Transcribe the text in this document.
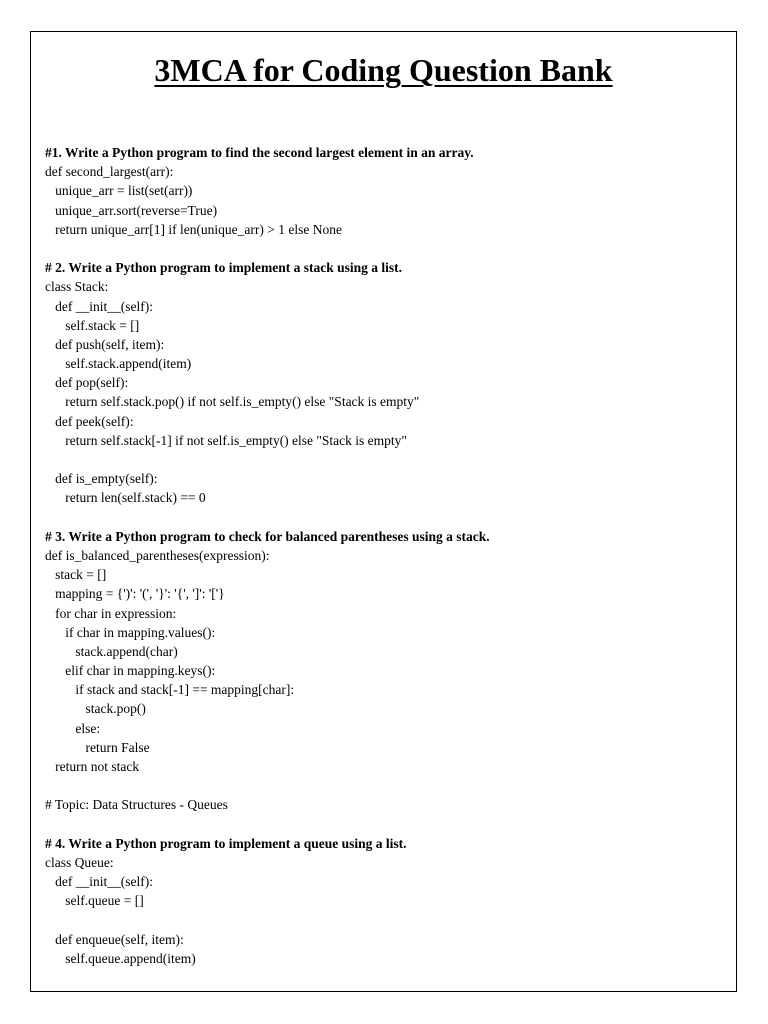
3MCA for Coding Question Bank
#1. Write a Python program to find the second largest element in an array.
def second_largest(arr):
unique_arr = list(set(arr))
unique_arr.sort(reverse=True)
return unique_arr[1] if len(unique_arr) > 1 else None
# 2. Write a Python program to implement a stack using a list.
class Stack:
def __init__(self):
self.stack = []
def push(self, item):
self.stack.append(item)
def pop(self):
return self.stack.pop() if not self.is_empty() else "Stack is empty"
def peek(self):
return self.stack[-1] if not self.is_empty() else "Stack is empty"
def is_empty(self):
return len(self.stack) == 0
# 3. Write a Python program to check for balanced parentheses using a stack.
def is_balanced_parentheses(expression):
stack = []
mapping = {')': '(', '}': '{', ']': '['}
for char in expression:
if char in mapping.values():
stack.append(char)
elif char in mapping.keys():
if stack and stack[-1] == mapping[char]:
stack.pop()
else:
return False
return not stack
# Topic: Data Structures - Queues
# 4. Write a Python program to implement a queue using a list.
class Queue:
def __init__(self):
self.queue = []
def enqueue(self, item):
self.queue.append(item)
